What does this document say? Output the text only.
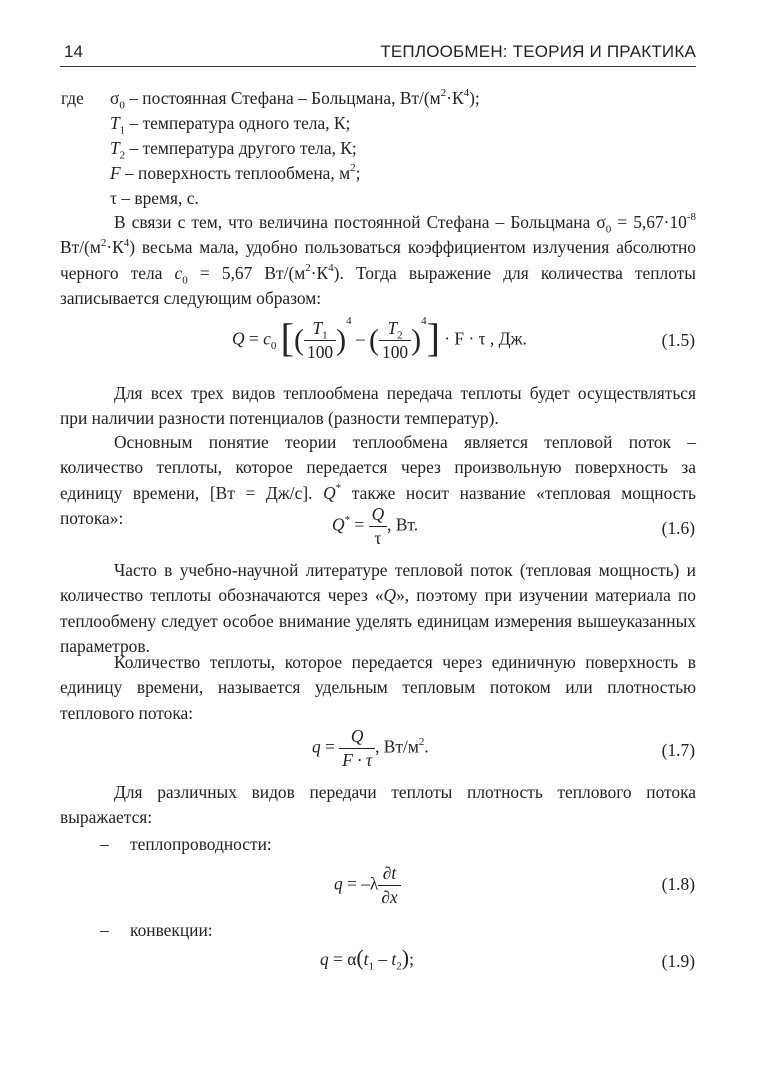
14	ТЕПЛООБМЕН: ТЕОРИЯ И ПРАКТИКА
где $\sigma_0$ – постоянная Стефана – Больцмана, $Вт/(м^2\cdot К^4)$;
$T_1$ – температура одного тела, К;
$T_2$ – температура другого тела, К;
F – поверхность теплообмена, $м^2$;
τ – время, с.
В связи с тем, что величина постоянной Стефана – Больцмана $\sigma_0 = 5,67\cdot 10^{-8}$ $Вт/(м^2\cdot К^4)$ весьма мала, удобно пользоваться коэффициентом излучения абсолютно черного тела $c_0 = 5,67$ $Вт/(м^2\cdot К^4)$. Тогда выражение для количества теплоты записывается следующим образом:
$Q = c_0$ [( $\frac{T_1}{100} )^4$ – ( $\frac{T_2}{100} )^4] \cdot F \cdot \tau$ , Дж.	(1.5)
Для всех трех видов теплообмена передача теплоты будет осуществляться при наличии разности потенциалов (разности температур).
Основным понятие теории теплообмена является тепловой поток – количество теплоты, которое передается через произвольную поверхность за единицу времени, [Вт = Дж/с]. Q* также носит название «тепловая мощность потока»:	$Q^* = \frac{Q}{\tau}$ , Вт.	(1.6)
Часто в учебно-научной литературе тепловой поток (тепловая мощность) и количество теплоты обозначаются через «Q», поэтому при изучении материала по теплообмену следует особое внимание уделять единицам измерения вышеуказанных параметров.
Количество теплоты, которое передается через единичную поверхность в единицу времени, называется удельным тепловым потоком или плотностью теплового потока:
$q = \frac{Q}{F \cdot \tau}$ , $Вт/м^2$.	(1.7)
Для различных видов передачи теплоты плотность теплового потока выражается:
– теплопроводности:
$q = -\lambda \frac{\partial t}{\partial x}$	(1.8)
– конвекции:
$q = \alpha(t_1 - t_2)$;	(1.9)
